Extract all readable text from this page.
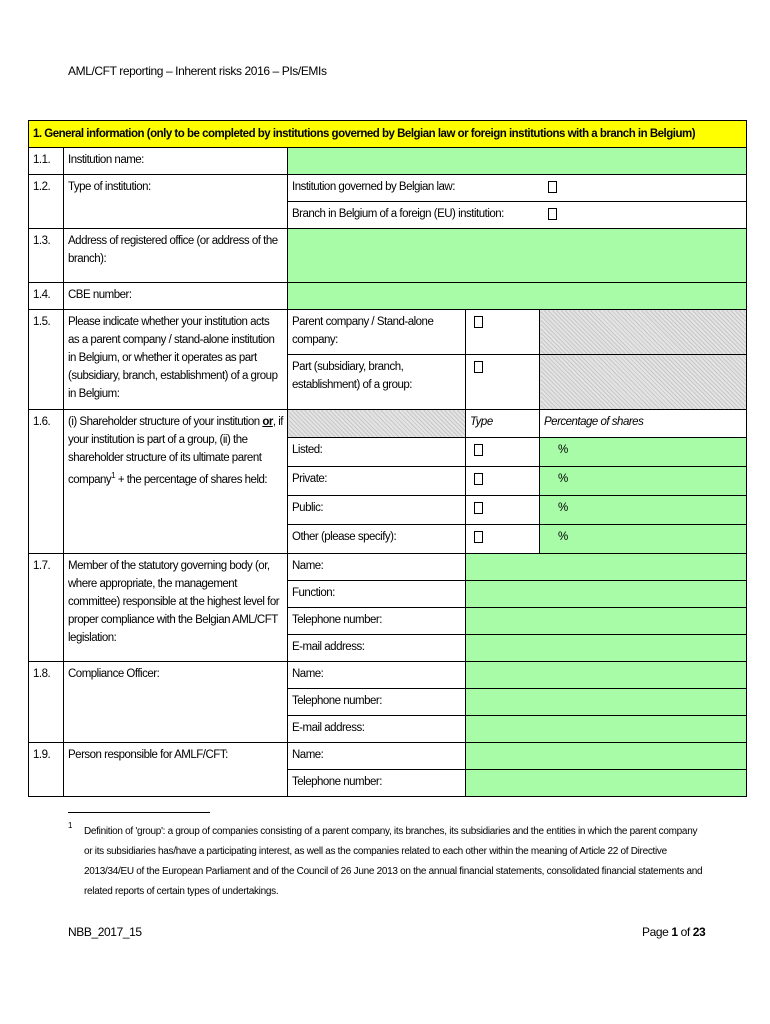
AML/CFT reporting – Inherent risks 2016 – PIs/EMIs
1. General information (only to be completed by institutions governed by Belgian law or foreign institutions with a branch in Belgium)				
1.1.	Institution name:			
1.2.	Type of institution:	Institution governed by Belgian law:		
		Branch in Belgium of a foreign (EU) institution:		
1.3.	Address of registered office (or address of the branch):			
1.4.	CBE number:			
1.5.	Please indicate whether your institution acts as a parent company / stand-alone institution in Belgium, or whether it operates as part (subsidiary, branch, establishment) of a group in Belgium:	Parent company / Stand-alone company:		
		Part (subsidiary, branch, establishment) of a group:		
1.6.	(i) Shareholder structure of your institution or, if your institution is part of a group, (ii) the shareholder structure of its ultimate parent company$^1$ + the percentage of shares held:		Type	Percentage of shares
		Listed:		%
		Private:		%
		Public:		%
		Other (please specify):		%
1.7.	Member of the statutory governing body (or, where appropriate, the management committee) responsible at the highest level for proper compliance with the Belgian AML/CFT legislation:	Name:		
		Function:		
		Telephone number:		
		E-mail address:		
1.8.	Compliance Officer:	Name:		
		Telephone number:		
		E-mail address:		
1.9.	Person responsible for AMLF/CFT:	Name:		
		Telephone number:		
1

Definition of 'group': a group of companies consisting of a parent company, its branches, its subsidiaries and the entities in which the parent company or its subsidiaries has/have a participating interest, as well as the companies related to each other within the meaning of Article 22 of Directive 2013/34/EU of the European Parliament and of the Council of 26 June 2013 on the annual financial statements, consolidated financial statements and related reports of certain types of undertakings.

NBB_2017_15	Page 1 of 23
